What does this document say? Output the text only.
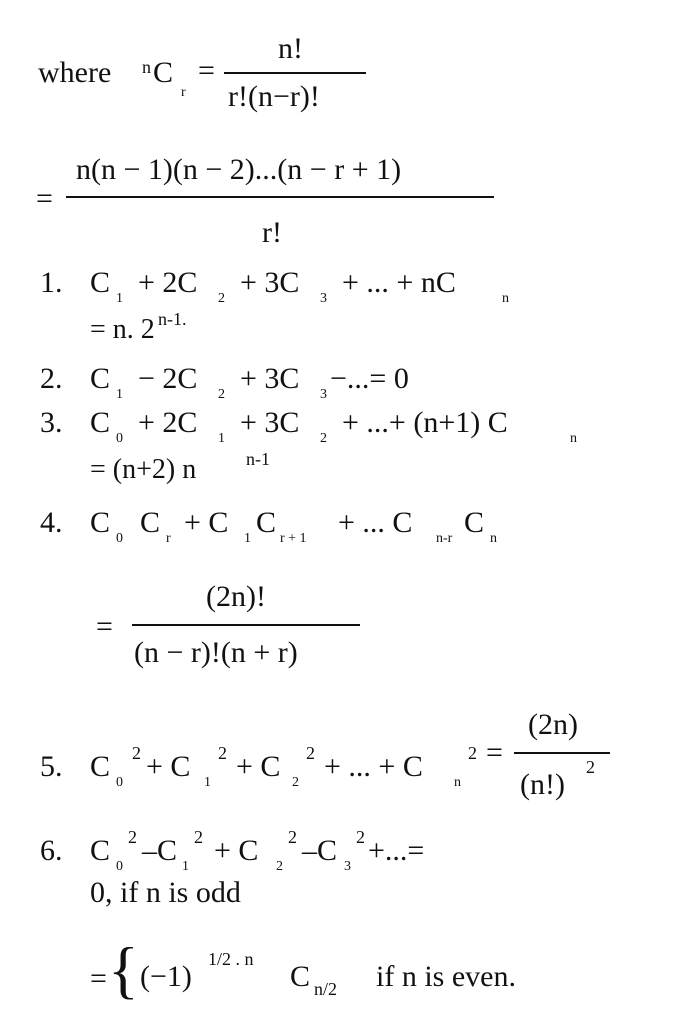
where n C
r
=
n!
r!(n−r)!
=
n(n − 1)(n − 2)...(n − r + 1)
r!
1. C 1 + 2C 2 + 3C 3 + ... + nC	n
= n. 2 n-1.
2. C 1 − 2C 2 + 3C 3 −...= 0
3. C 0 + 2C 1 + 3C 2 + ...+ (n+1) C	n
= (n+2) n	n-1
4. C 0 C r + C 1 C r + 1 + ... C n-r C n
=
(2n)!
(n − r)!(n + r)
5. C 2
0 + C 2
1 + C 2
2 + ... + C	2
n
=
(2n)
(n!)
2
6. C 2
0 –C 2
1 + C 2
2 –C 2
3 +...=
0, if n is odd
= { (−1)
1/2 . n
C n/2 if n is even.
